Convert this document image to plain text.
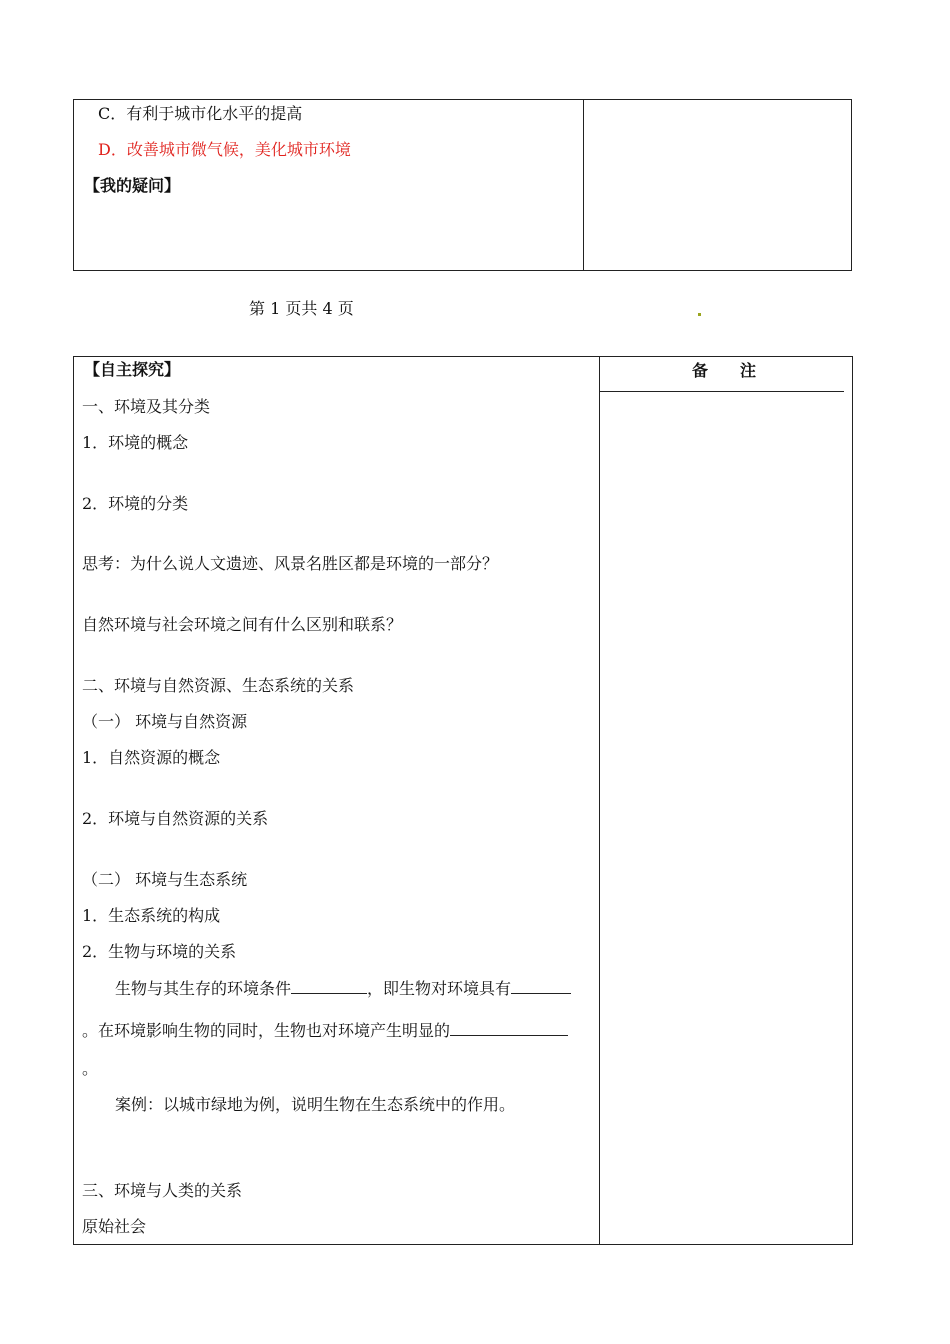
C．有利于城市化水平的提高
D．改善城市微气候，美化城市环境
【我的疑问】
第 1 页共 4 页
【自主探究】	备　　注
一、环境及其分类
1．环境的概念
2．环境的分类
思考：为什么说人文遗迹、风景名胜区都是环境的一部分？
自然环境与社会环境之间有什么区别和联系？
二、环境与自然资源、生态系统的关系
（一） 环境与自然资源
1．自然资源的概念
2．环境与自然资源的关系
（二） 环境与生态系统
1．生态系统的构成
2．生物与环境的关系
生物与其生存的环境条件	，即生物对环境具有
。在环境影响生物的同时，生物也对环境产生明显的
。
案例：以城市绿地为例，说明生物在生态系统中的作用。
三、环境与人类的关系
原始社会
